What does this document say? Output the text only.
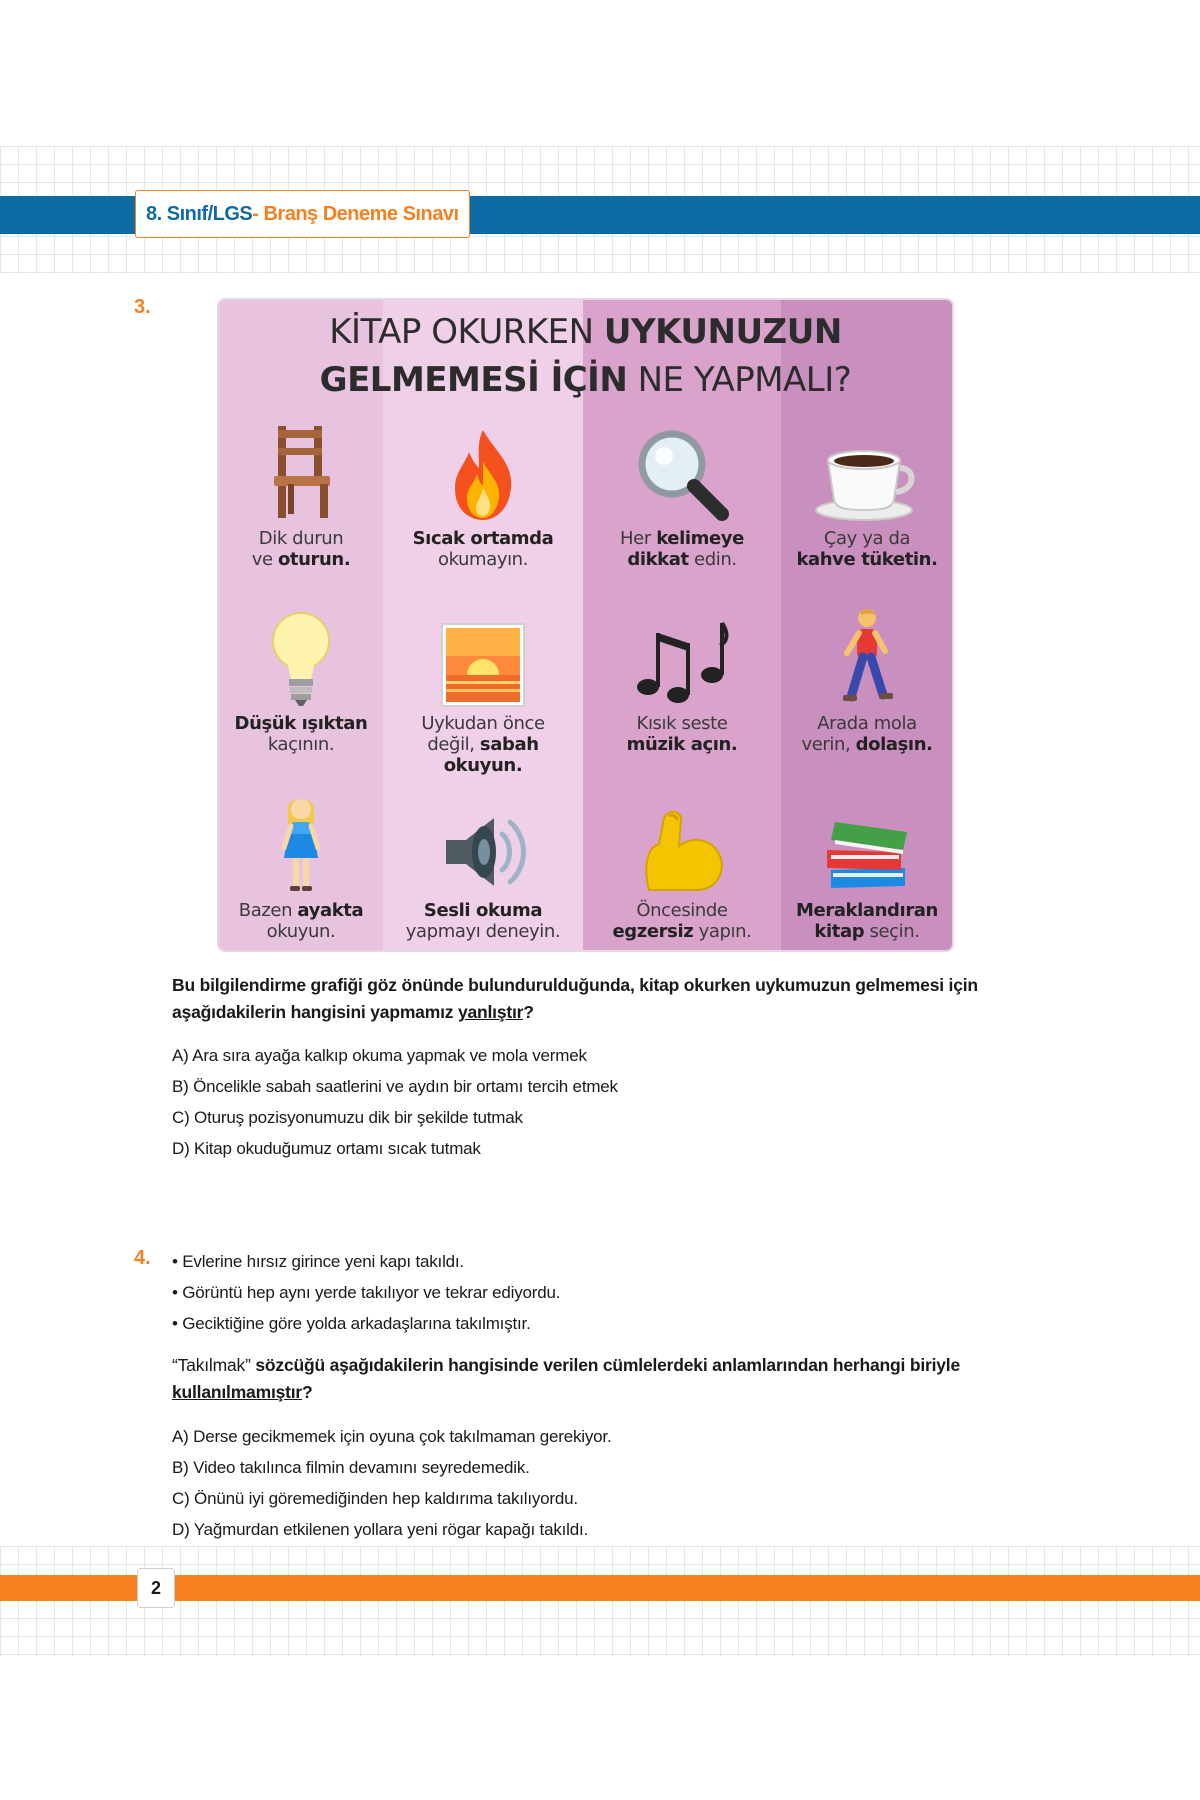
8. Sınıf/LGS - Branş Deneme Sınavı
3.
KİTAP OKURKEN UYKUNUZUN
GELMEMESİ İÇİN NE YAPMALI?
Dik durun
ve oturun.
Sıcak ortamda
okumayın.
Her kelimeye
dikkat edin.
Çay ya da
kahve tüketin.
Düşük ışıktan
kaçının.
Uykudan önce
değil, sabah
okuyun.
Kısık seste
müzik açın.
Arada mola
verin, dolaşın.
Bazen ayakta
okuyun.
Sesli okuma
yapmayı deneyin.
Öncesinde
egzersiz yapın.
Meraklandıran
kitap seçin.
Bu bilgilendirme grafiği göz önünde bulundurulduğunda, kitap okurken uykumuzun gelmemesi için
aşağıdakilerin hangisini yapmamız yanlıştır?
A) Ara sıra ayağa kalkıp okuma yapmak ve mola vermek
B) Öncelikle sabah saatlerini ve aydın bir ortamı tercih etmek
C) Oturuş pozisyonumuzu dik bir şekilde tutmak
D) Kitap okuduğumuz ortamı sıcak tutmak
4. • Evlerine hırsız girince yeni kapı takıldı.
• Görüntü hep aynı yerde takılıyor ve tekrar ediyordu.
• Geciktiğine göre yolda arkadaşlarına takılmıştır.
“Takılmak” sözcüğü aşağıdakilerin hangisinde verilen cümlelerdeki anlamlarından herhangi biriyle
kullanılmamıştır?
A) Derse gecikmemek için oyuna çok takılmaman gerekiyor.
B) Video takılınca filmin devamını seyredemedik.
C) Önünü iyi göremediğinden hep kaldırıma takılıyordu.
D) Yağmurdan etkilenen yollara yeni rögar kapağı takıldı.
2
